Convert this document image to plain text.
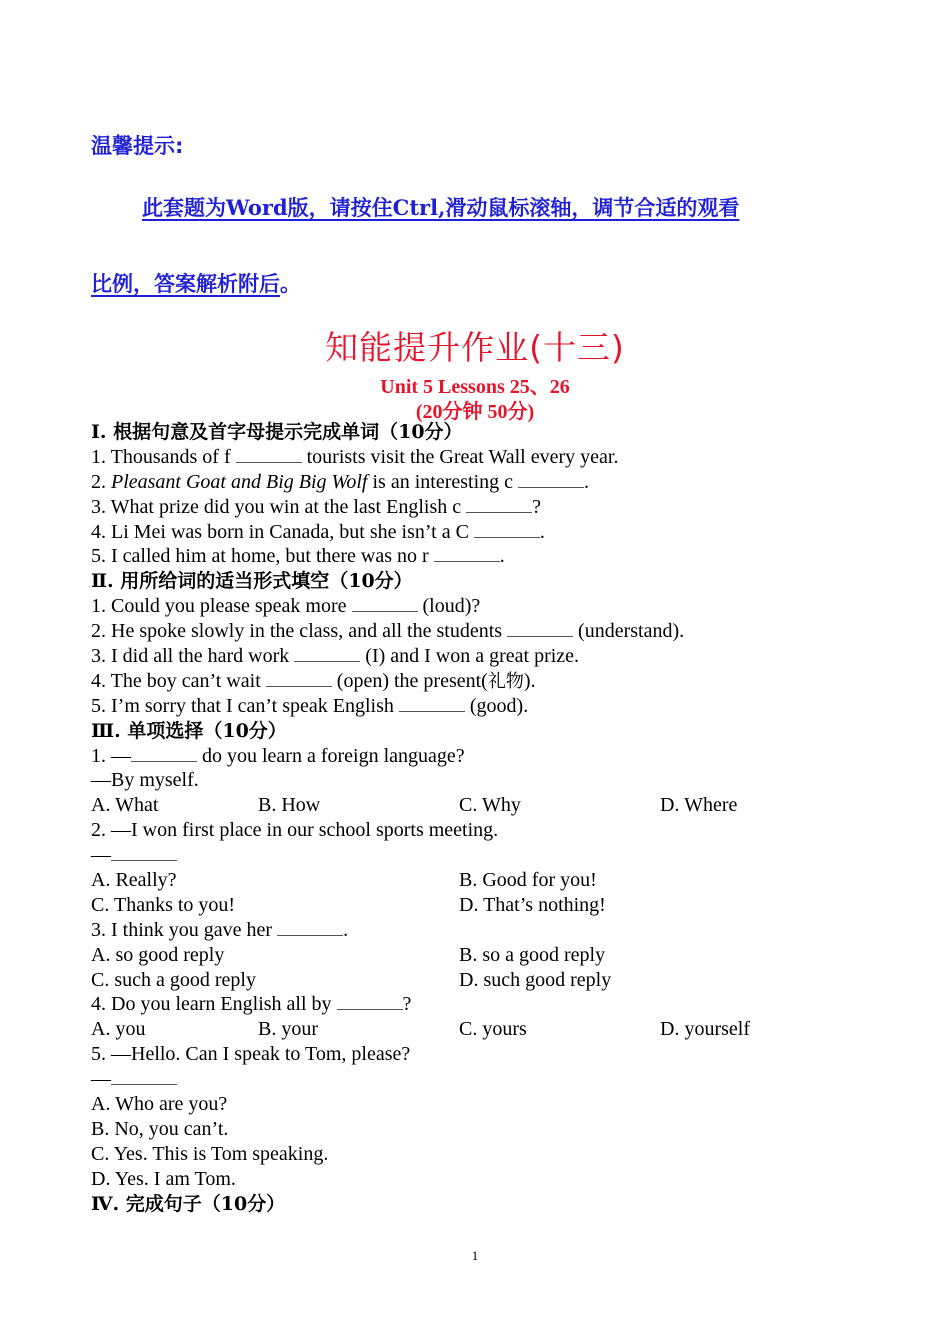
温馨提示:
此套题为Word版，请按住Ctrl,滑动鼠标滚轴，调节合适的观看
比例，答案解析附后。
知能提升作业(十三)
Unit 5 Lessons 25、26
(20分钟 50分)
Ⅰ. 根据句意及首字母提示完成单词（10分）
1. Thousands of f	tourists visit the Great Wall every year.
2. Pleasant Goat and Big Big Wolf is an interesting c	.
3. What prize did you win at the last English c	?
4. Li Mei was born in Canada, but she isn’t a C	.
5. I called him at home, but there was no r	.
Ⅱ. 用所给词的适当形式填空（10分）
1. Could you please speak more	(loud)?
2. He spoke slowly in the class, and all the students	(understand).
3. I did all the hard work	(I) and I won a great prize.
4. The boy can’t wait	(open) the present(礼物).
5. I’m sorry that I can’t speak English	(good).
Ⅲ. 单项选择（10分）
1. —	do you learn a foreign language?
—By myself.
A. What	B. How	C. Why	D. Where
2. —I won first place in our school sports meeting.
—
A. Really?	B. Good for you!
C. Thanks to you!	D. That’s nothing!
3. I think you gave her	.
A. so good reply	B. so a good reply
C. such a good reply	D. such good reply
4. Do you learn English all by	?
A. you	B. your	C. yours	D. yourself
5. —Hello. Can I speak to Tom, please?
—
A. Who are you?
B. No, you can’t.
C. Yes. This is Tom speaking.
D. Yes. I am Tom.
Ⅳ. 完成句子（10分）
1
